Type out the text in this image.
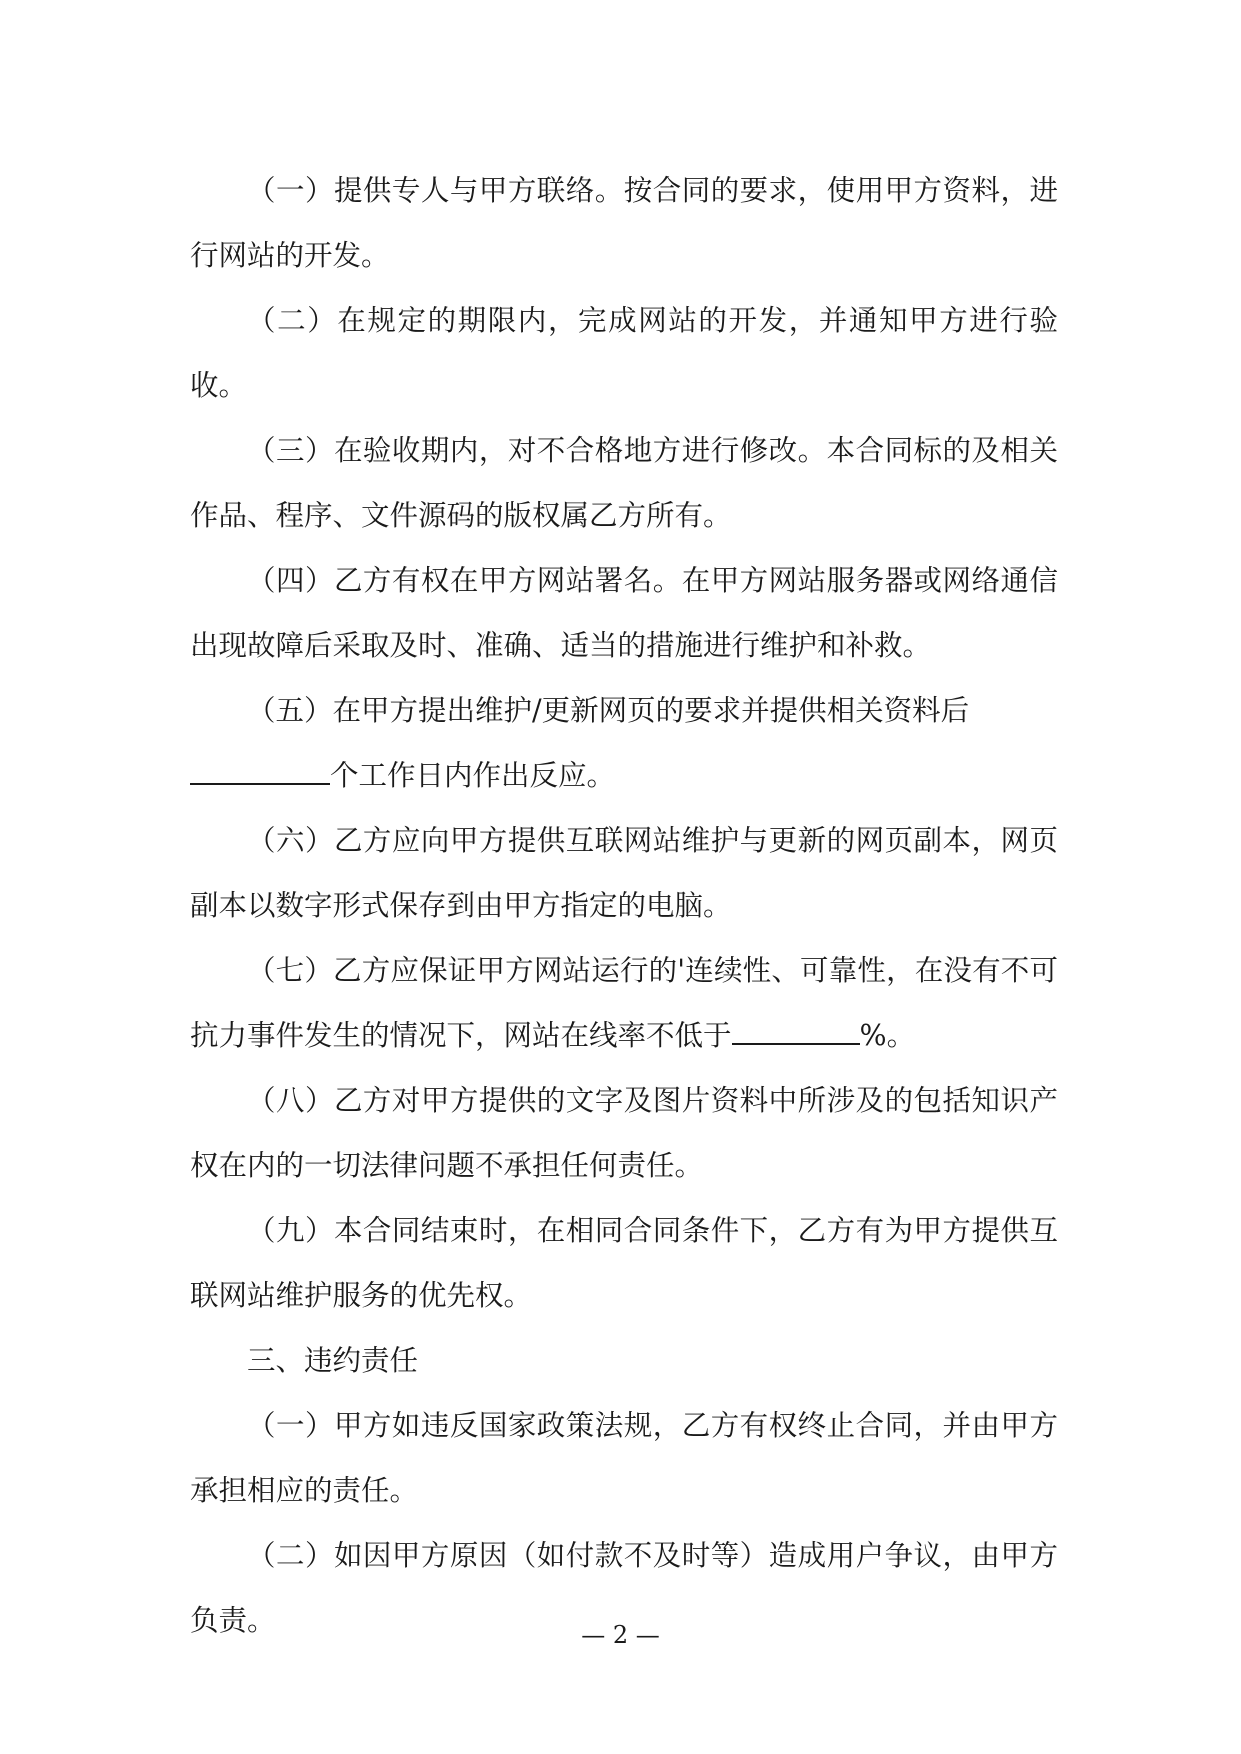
（一）提供专人与甲方联络。按合同的要求，使用甲方资料，进行网站的开发。

（二）在规定的期限内，完成网站的开发，并通知甲方进行验收。

（三）在验收期内，对不合格地方进行修改。本合同标的及相关作品、程序、文件源码的版权属乙方所有。

（四）乙方有权在甲方网站署名。在甲方网站服务器或网络通信出现故障后采取及时、准确、适当的措施进行维护和补救。

（五）在甲方提出维护/更新网页的要求并提供相关资料后
个工作日内作出反应。

（六）乙方应向甲方提供互联网站维护与更新的网页副本，网页副本以数字形式保存到由甲方指定的电脑。

（七）乙方应保证甲方网站运行的'连续性、可靠性，在没有不可抗力事件发生的情况下，网站在线率不低于	%。

（八）乙方对甲方提供的文字及图片资料中所涉及的包括知识产权在内的一切法律问题不承担任何责任。

（九）本合同结束时，在相同合同条件下，乙方有为甲方提供互联网站维护服务的优先权。

三、违约责任

（一）甲方如违反国家政策法规，乙方有权终止合同，并由甲方承担相应的责任。

（二）如因甲方原因（如付款不及时等）造成用户争议，由甲方负责。	— 2 —
